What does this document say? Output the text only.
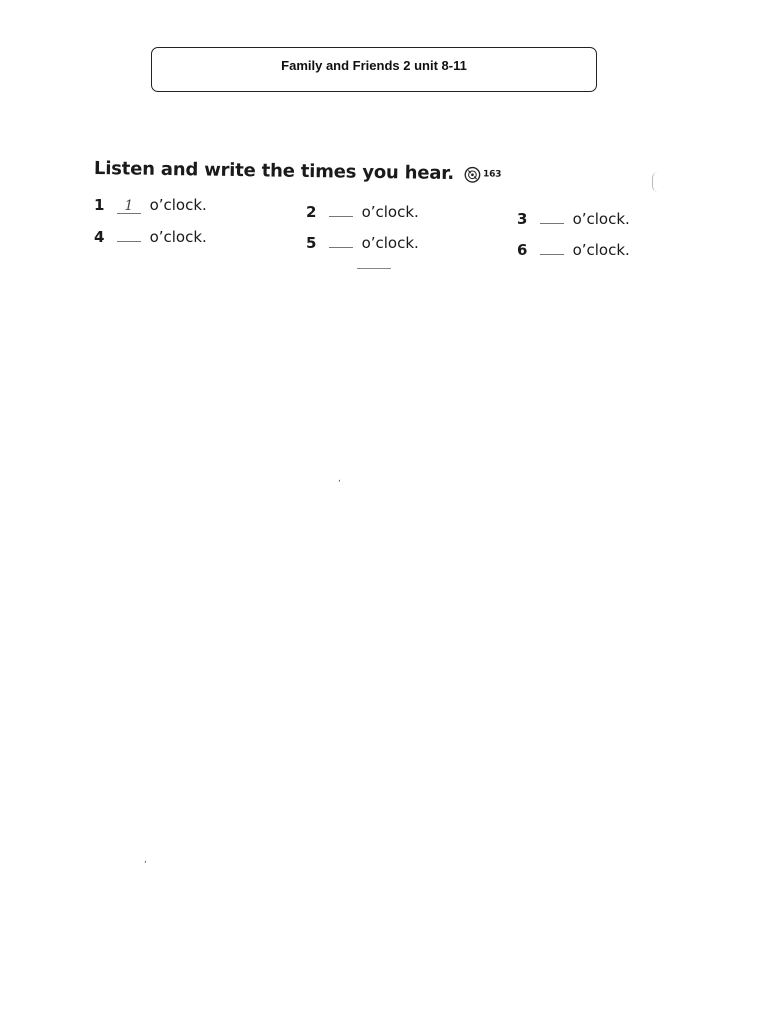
Family and Friends 2 unit 8-11
Listen and write the times you hear.	163
1 1 o’clock.	2	o’clock.	3	o’clock.
4	o’clock.	5	o’clock.	6	o’clock.
,
,
